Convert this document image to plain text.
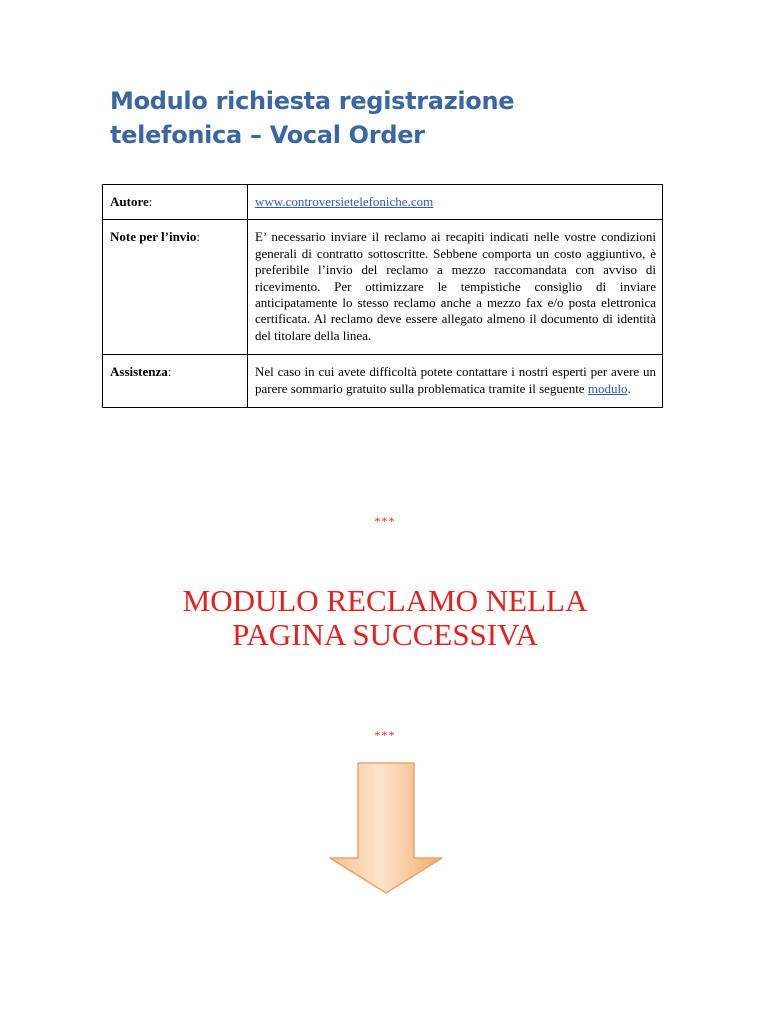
Modulo richiesta registrazione
telefonica – Vocal Order
Autore:	www.controversietelefoniche.com
Note per l’invio:	E’ necessario inviare il reclamo ai recapiti indicati nelle vostre condizioni generali di contratto sottoscritte. Sebbene comporta un costo aggiuntivo, è preferibile l’invio del reclamo a mezzo raccomandata con avviso di ricevimento. Per ottimizzare le tempistiche consiglio di inviare anticipatamente lo stesso reclamo anche a mezzo fax e/o posta elettronica certificata. Al reclamo deve essere allegato almeno il documento di identità del titolare della linea.
Assistenza:	Nel caso in cui avete difficoltà potete contattare i nostri esperti per avere un parere sommario gratuito sulla problematica tramite il seguente modulo.
***
MODULO RECLAMO NELLA
PAGINA SUCCESSIVA
***
